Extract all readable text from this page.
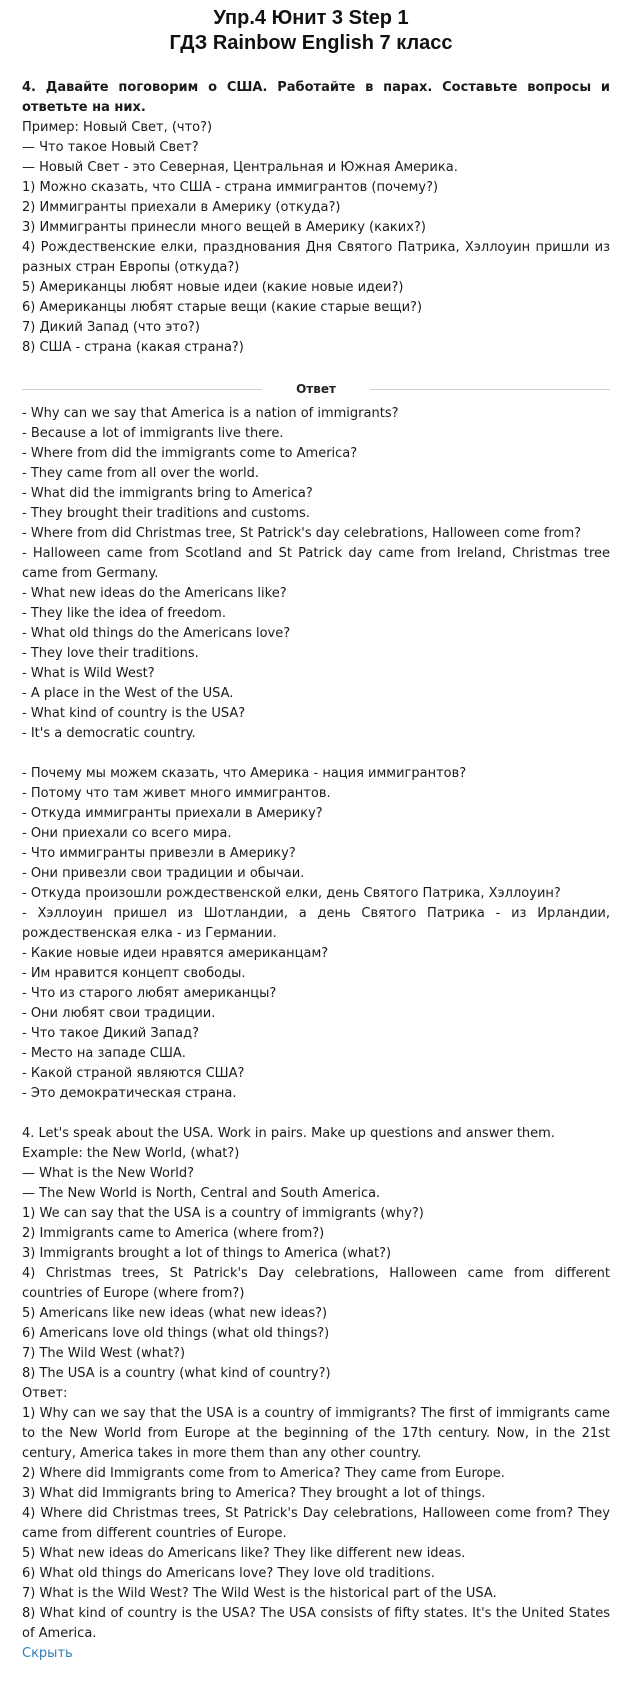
Упр.4 Юнит 3 Step 1
ГДЗ Rainbow English 7 класс
4. Давайте поговорим о США. Работайте в парах. Составьте вопросы и ответьте на них.
Пример: Новый Свет, (что?)
— Что такое Новый Свет?
— Новый Свет - это Северная, Центральная и Южная Америка.
1) Можно сказать, что США - страна иммигрантов (почему?)
2) Иммигранты приехали в Америку (откуда?)
3) Иммигранты принесли много вещей в Америку (каких?)
4) Рождественские елки, празднования Дня Святого Патрика, Хэллоуин пришли из разных стран Европы (откуда?)
5) Американцы любят новые идеи (какие новые идеи?)
6) Американцы любят старые вещи (какие старые вещи?)
7) Дикий Запад (что это?)
8) США - страна (какая страна?)
Ответ
- Why can we say that America is a nation of immigrants?
- Because a lot of immigrants live there.
- Where from did the immigrants come to America?
- They came from all over the world.
- What did the immigrants bring to America?
- They brought their traditions and customs.
- Where from did Christmas tree, St Patrick's day celebrations, Halloween come from?
- Halloween came from Scotland and St Patrick day came from Ireland, Christmas tree came from Germany.
- What new ideas do the Americans like?
- They like the idea of freedom.
- What old things do the Americans love?
- They love their traditions.
- What is Wild West?
- A place in the West of the USA.
- What kind of country is the USA?
- It's a democratic country.
- Почему мы можем сказать, что Америка - нация иммигрантов?
- Потому что там живет много иммигрантов.
- Откуда иммигранты приехали в Америку?
- Они приехали со всего мира.
- Что иммигранты привезли в Америку?
- Они привезли свои традиции и обычаи.
- Откуда произошли рождественской елки, день Святого Патрика, Хэллоуин?
- Хэллоуин пришел из Шотландии, а день Святого Патрика - из Ирландии, рождественская елка - из Германии.
- Какие новые идеи нравятся американцам?
- Им нравится концепт свободы.
- Что из старого любят американцы?
- Они любят свои традиции.
- Что такое Дикий Запад?
- Место на западе США.
- Какой страной являются США?
- Это демократическая страна.
4. Let's speak about the USA. Work in pairs. Make up questions and answer them.
Example: the New World, (what?)
— What is the New World?
— The New World is North, Central and South America.
1) We can say that the USA is a country of immigrants (why?)
2) Immigrants came to America (where from?)
3) Immigrants brought a lot of things to America (what?)
4) Christmas trees, St Patrick's Day celebrations, Halloween came from different countries of Europe (where from?)
5) Americans like new ideas (what new ideas?)
6) Americans love old things (what old things?)
7) The Wild West (what?)
8) The USA is a country (what kind of country?)
Ответ:
1) Why can we say that the USA is a country of immigrants? The first of immigrants came to the New World from Europe at the beginning of the 17th century. Now, in the 21st century, America takes in more them than any other country.
2) Where did Immigrants come from to America? They came from Europe.
3) What did Immigrants bring to America? They brought a lot of things.
4) Where did Christmas trees, St Patrick's Day celebrations, Halloween come from? They came from different countries of Europe.
5) What new ideas do Americans like? They like different new ideas.
6) What old things do Americans love? They love old traditions.
7) What is the Wild West? The Wild West is the historical part of the USA.
8) What kind of country is the USA? The USA consists of fifty states. It's the United States of America.
Скрыть
